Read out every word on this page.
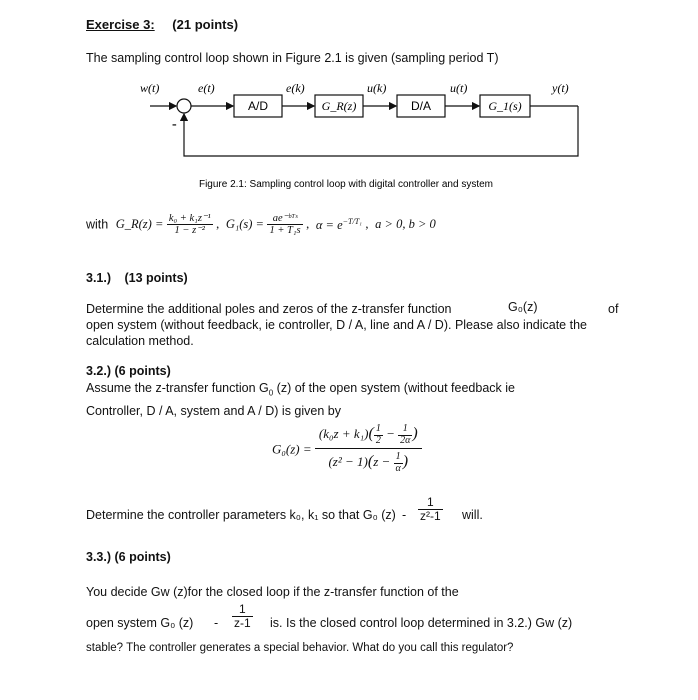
Exercise 3: (21 points)
The sampling control loop shown in Figure 2.1 is given (sampling period T)
w(t)	e(t)	e(k)	u(k)	u(t)	y(t)
-
A/D	G_R(z)	D/A	G_1(s)
Figure 2.1: Sampling control loop with digital controller and system
with G_R(z) = $\frac{\text{k₀ + k₁z⁻¹}}{\text{1 − z⁻²}}$ ,  $G_1(s) = \frac{\text{ae⁻ᵇᵀˢ}}{\text{1 + T₁s}}$ ,  $\alpha = e^{-T/T_1}$ ,  a > 0, b > 0
3.1.) (13 points)
Determine the additional poles and zeros of the z-transfer function	G₀(z)	of
open system (without feedback, ie controller, D / A, line and A / D). Please also indicate the
calculation method.
3.2.) (6 points)
Assume the z-transfer function $G_0$ (z) of the open system (without feedback ie
Controller, D / A, system and A / D) is given by
$G_0(z) = \frac{(k_0z + k_1)( \frac{1}{2} - \frac{1}{2\alpha} )}{(z^2 - 1)(z - \frac{1}{\alpha} )}$
Determine the controller parameters k₀, k₁ so that G₀ $(z) - \frac{1}{\text{z²-1}}$ will.
3.3.) (6 points)
You decide Gw (z)for the closed loop if the z-transfer function of the
open system G₀ $(z) - \frac{1}{z-1}$ is. Is the closed control loop determined in 3.2.) Gw (z)
stable? The controller generates a special behavior. What do you call this regulator?
